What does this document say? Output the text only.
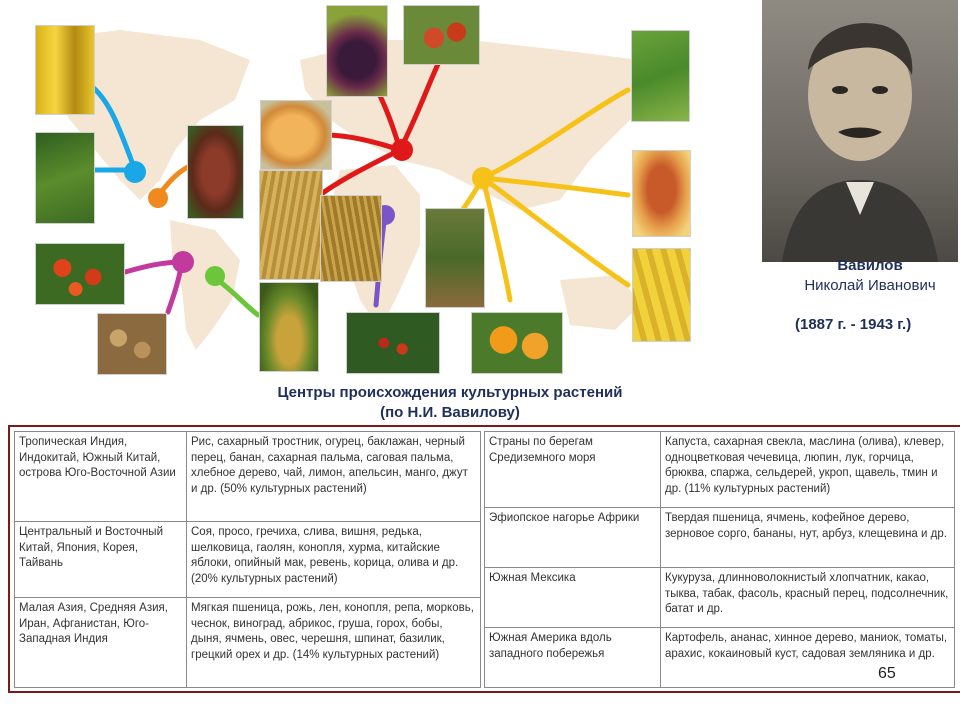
Вавилов
Николай Иванович
(1887 г. - 1943 г.)
Центры происхождения культурных растений
(по Н.И. Вавилову)
Тропическая Индия, Индокитай, Южный Китай, острова Юго-Восточной Азии	Рис, сахарный тростник, огурец, баклажан, черный перец, банан, сахарная пальма, саговая пальма, хлебное дерево, чай, лимон, апельсин, манго, джут и др. (50% культурных растений)
Центральный и Восточный Китай, Япония, Корея, Тайвань	Соя, просо, гречиха, слива, вишня, редька, шелковица, гаолян, конопля, хурма, китайские яблоки, опийный мак, ревень, корица, олива и др. (20% культурных растений)
Малая Азия, Средняя Азия, Иран, Афганистан, Юго-Западная Индия	Мягкая пшеница, рожь, лен, конопля, репа, морковь, чеснок, виноград, абрикос, груша, горох, бобы, дыня, ячмень, овес, черешня, шпинат, базилик, грецкий орех и др. (14% культурных растений)
Страны по берегам Средиземного моря	Капуста, сахарная свекла, маслина (олива), клевер, одноцветковая чечевица, люпин, лук, горчица, брюква, спаржа, сельдерей, укроп, щавель, тмин и др. (11% культурных растений)
Эфиопское нагорье Африки	Твердая пшеница, ячмень, кофейное дерево, зерновое сорго, бананы, нут, арбуз, клещевина и др.
Южная Мексика	Кукуруза, длинноволокнистый хлопчатник, какао, тыква, табак, фасоль, красный перец, подсолнечник, батат и др.
Южная Америка вдоль западного побережья	Картофель, ананас, хинное дерево, маниок, томаты, арахис, кокаиновый куст, садовая земляника и др.
65
